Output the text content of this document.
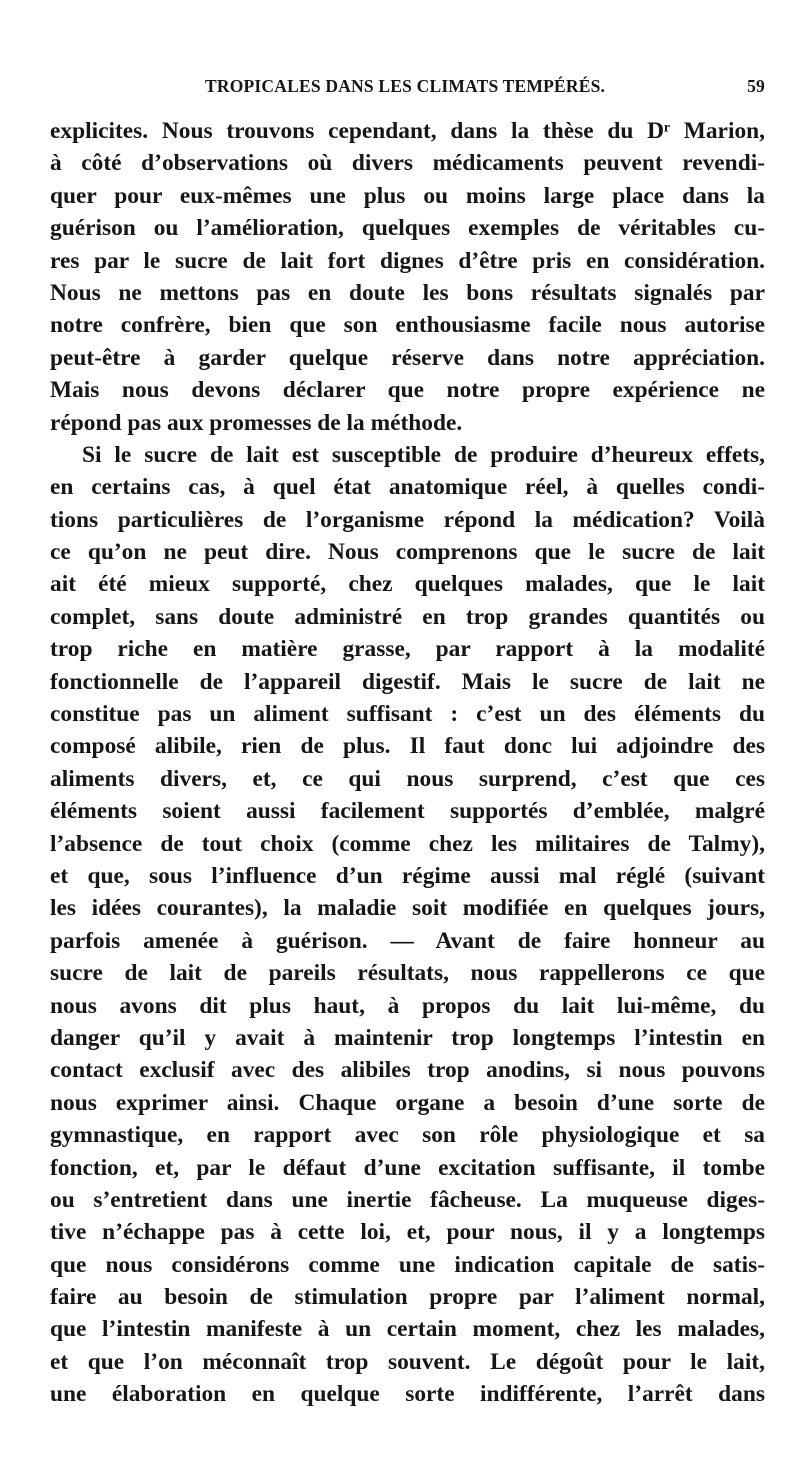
TROPICALES DANS LES CLIMATS TEMPÉRÉS.	59
explicites. Nous trouvons cependant, dans la thèse du Dʳ Marion,
à côté d’observations où divers médicaments peuvent revendi-
quer pour eux-mêmes une plus ou moins large place dans la
guérison ou l’amélioration, quelques exemples de véritables cu-
res par le sucre de lait fort dignes d’être pris en considération.
Nous ne mettons pas en doute les bons résultats signalés par
notre confrère, bien que son enthousiasme facile nous autorise
peut-être à garder quelque réserve dans notre appréciation.
Mais nous devons déclarer que notre propre expérience ne
répond pas aux promesses de la méthode.
Si le sucre de lait est susceptible de produire d’heureux effets,
en certains cas, à quel état anatomique réel, à quelles condi-
tions particulières de l’organisme répond la médication? Voilà
ce qu’on ne peut dire. Nous comprenons que le sucre de lait
ait été mieux supporté, chez quelques malades, que le lait
complet, sans doute administré en trop grandes quantités ou
trop riche en matière grasse, par rapport à la modalité
fonctionnelle de l’appareil digestif. Mais le sucre de lait ne
constitue pas un aliment suffisant : c’est un des éléments du
composé alibile, rien de plus. Il faut donc lui adjoindre des
aliments divers, et, ce qui nous surprend, c’est que ces
éléments soient aussi facilement supportés d’emblée, malgré
l’absence de tout choix (comme chez les militaires de Talmy),
et que, sous l’influence d’un régime aussi mal réglé (suivant
les idées courantes), la maladie soit modifiée en quelques jours,
parfois amenée à guérison. — Avant de faire honneur au
sucre de lait de pareils résultats, nous rappellerons ce que
nous avons dit plus haut, à propos du lait lui-même, du
danger qu’il y avait à maintenir trop longtemps l’intestin en
contact exclusif avec des alibiles trop anodins, si nous pouvons
nous exprimer ainsi. Chaque organe a besoin d’une sorte de
gymnastique, en rapport avec son rôle physiologique et sa
fonction, et, par le défaut d’une excitation suffisante, il tombe
ou s’entretient dans une inertie fâcheuse. La muqueuse diges-
tive n’échappe pas à cette loi, et, pour nous, il y a longtemps
que nous considérons comme une indication capitale de satis-
faire au besoin de stimulation propre par l’aliment normal,
que l’intestin manifeste à un certain moment, chez les malades,
et que l’on méconnaît trop souvent. Le dégoût pour le lait,
une élaboration en quelque sorte indifférente, l’arrêt dans
